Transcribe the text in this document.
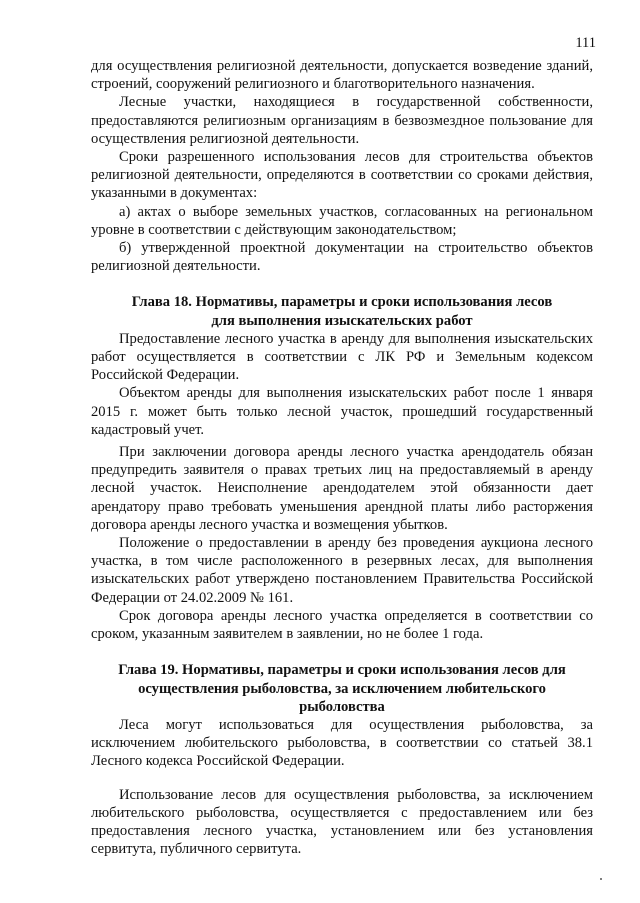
111

для осуществления религиозной деятельности, допускается возведение зданий, строений, сооружений религиозного и благотворительного назначения.

Лесные участки, находящиеся в государственной собственности, предоставляются религиозным организациям в безвозмездное пользование для осуществления религиозной деятельности.

Сроки разрешенного использования лесов для строительства объектов религиозной деятельности, определяются в соответствии со сроками действия, указанными в документах:

а) актах о выборе земельных участков, согласованных на региональном уровне в соответствии с действующим законодательством;

б) утвержденной проектной документации на строительство объектов религиозной деятельности.

Глава 18. Нормативы, параметры и сроки использования лесов
для выполнения изыскательских работ

Предоставление лесного участка в аренду для выполнения изыскательских работ осуществляется в соответствии с ЛК РФ и Земельным кодексом Российской Федерации.

Объектом аренды для выполнения изыскательских работ после 1 января 2015 г. может быть только лесной участок, прошедший государственный кадастровый учет.

При заключении договора аренды лесного участка арендодатель обязан предупредить заявителя о правах третьих лиц на предоставляемый в аренду лесной участок. Неисполнение арендодателем этой обязанности дает арендатору право требовать уменьшения арендной платы либо расторжения договора аренды лесного участка и возмещения убытков.

Положение о предоставлении в аренду без проведения аукциона лесного участка, в том числе расположенного в резервных лесах, для выполнения изыскательских работ утверждено постановлением Правительства Российской Федерации от 24.02.2009 № 161.

Срок договора аренды лесного участка определяется в соответствии со сроком, указанным заявителем в заявлении, но не более 1 года.

Глава 19. Нормативы, параметры и сроки использования лесов для
осуществления рыболовства, за исключением любительского
рыболовства

Леса могут использоваться для осуществления рыболовства, за исключением любительского рыболовства, в соответствии со статьей 38.1 Лесного кодекса Российской Федерации.

Использование лесов для осуществления рыболовства, за исключением любительского рыболовства, осуществляется с предоставлением или без предоставления лесного участка, установлением или без установления сервитута, публичного сервитута.
